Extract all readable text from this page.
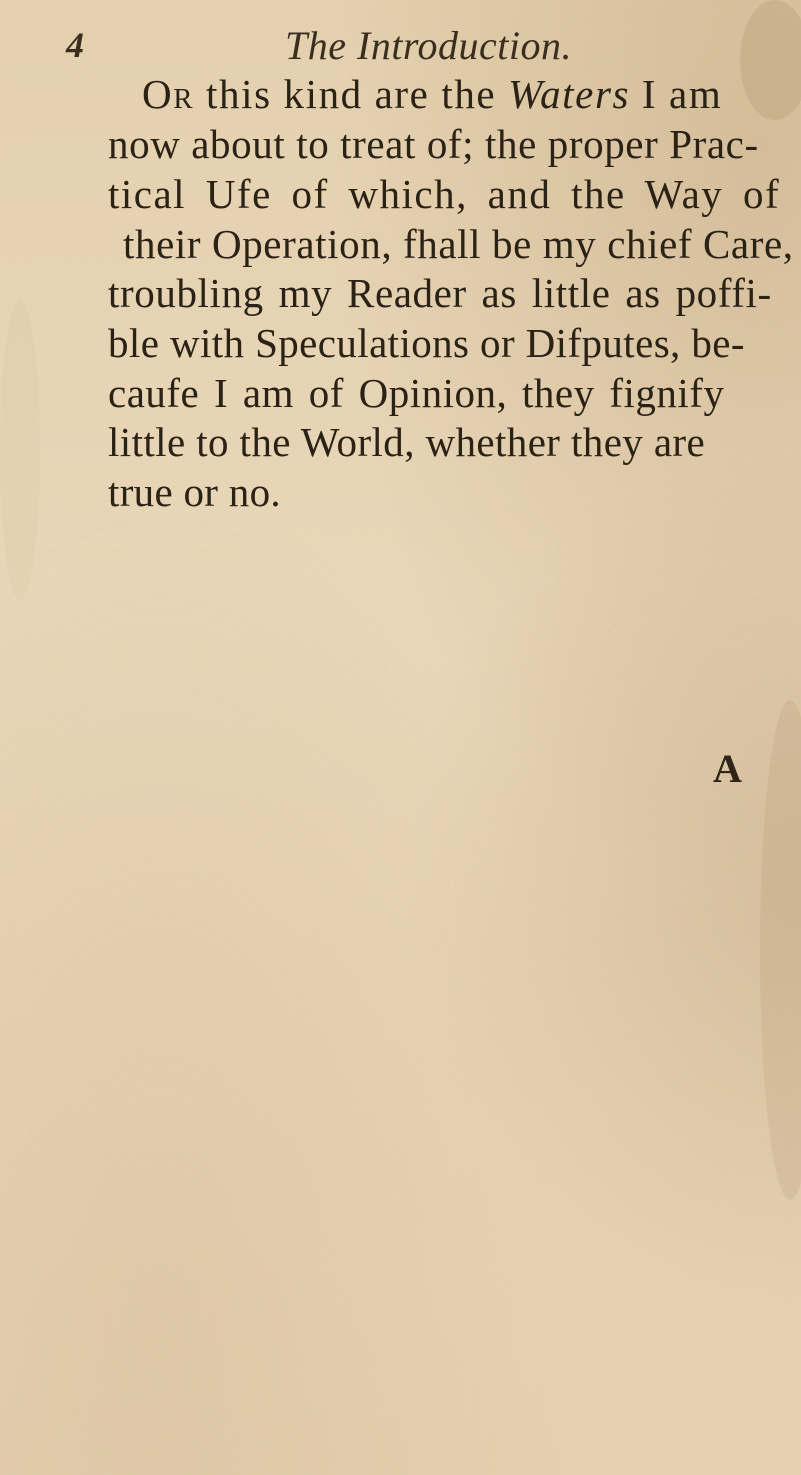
4	The Introduction.
Or this kind are the Waters I am
now about to treat of; the proper Prac-
tical Ufe of which, and the Way of
their Operation, fhall be my chief Care,
troubling my Reader as little as poffi-
ble with Speculations or Difputes, be-
caufe I am of Opinion, they fignify
little to the World, whether they are
true or no.
A
